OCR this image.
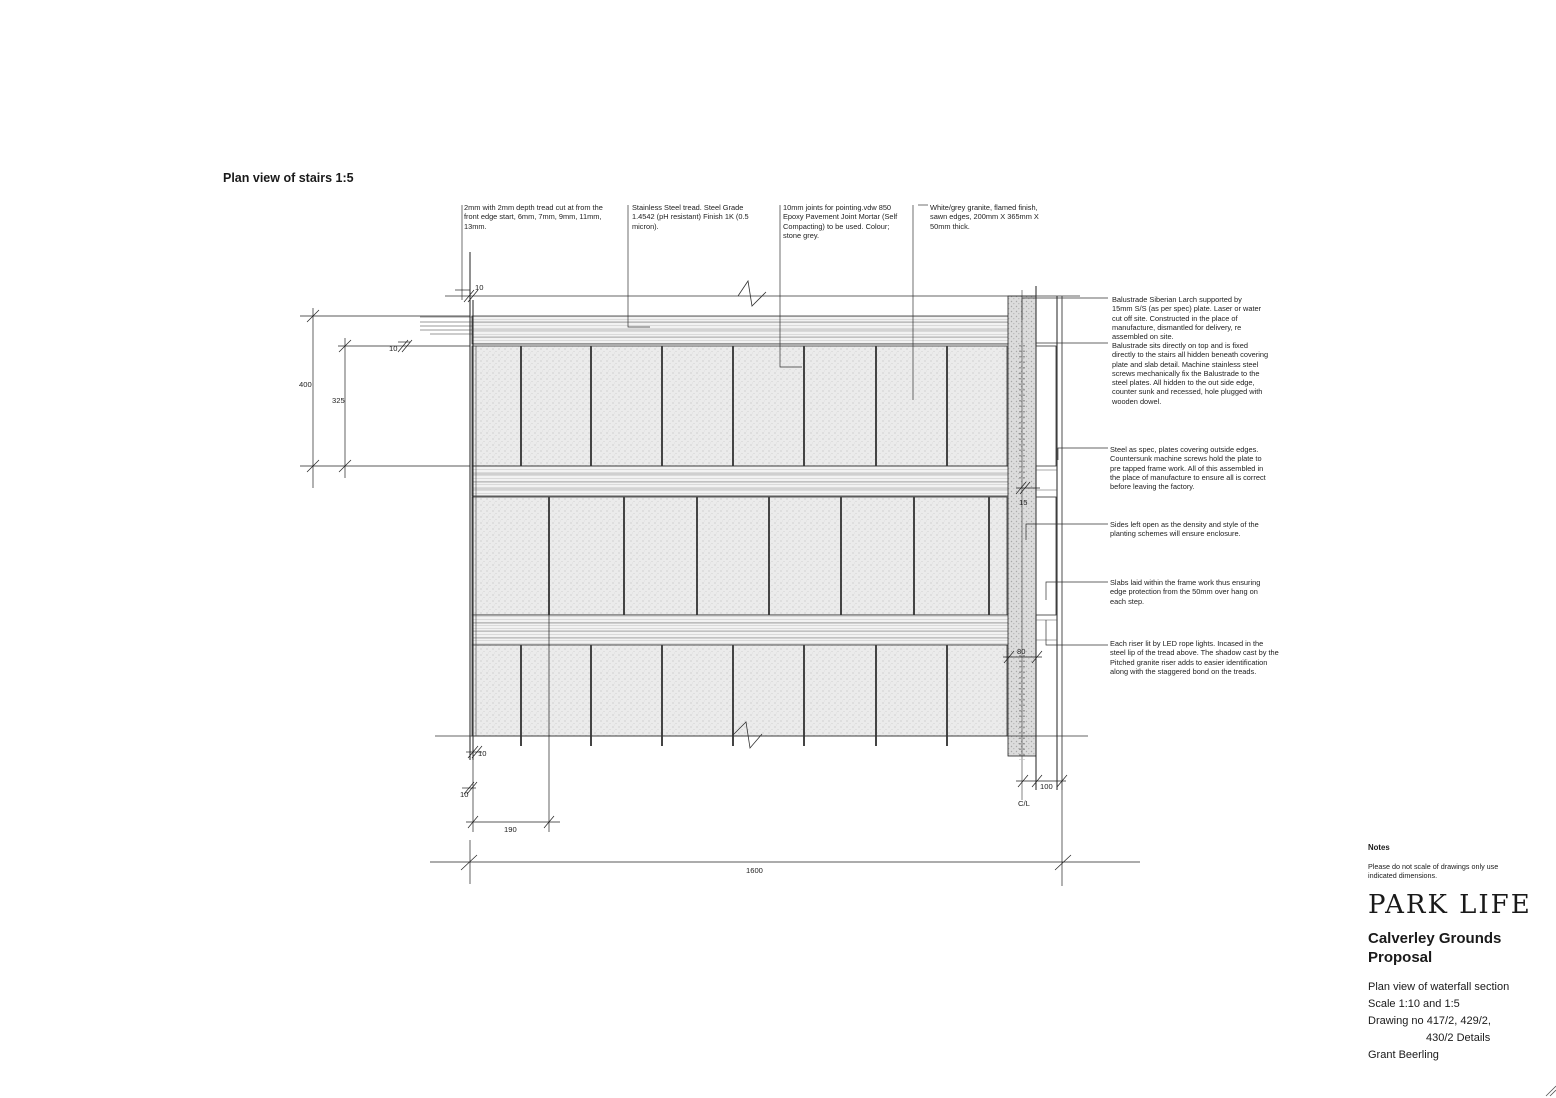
Plan view of stairs 1:5
2mm with 2mm depth tread cut at from the front edge start, 6mm, 7mm, 9mm, 11mm, 13mm.
Stainless Steel tread. Steel Grade 1.4542 (pH resistant) Finish 1K (0.5 micron).
10mm joints for pointing.vdw 850 Epoxy Pavement Joint Mortar (Self Compacting) to be used. Colour; stone grey.
White/grey granite, flamed finish, sawn edges, 200mm X 365mm X 50mm thick.
Balustrade Siberian Larch supported by 15mm S/S (as per spec) plate. Laser or water cut off site. Constructed in the place of manufacture, dismantled for delivery, re assembled on site.
Balustrade sits directly on top and is fixed directly to the stairs all hidden beneath covering plate and slab detail. Machine stainless steel screws mechanically fix the Balustrade to the steel plates. All hidden to the out side edge, counter sunk and recessed, hole plugged with wooden dowel.
Steel as spec, plates covering outside edges. Countersunk machine screws hold the plate to pre tapped frame work. All of this assembled in the place of manufacture to ensure all is correct before leaving the factory.
Sides left open as the density and style of the planting schemes will ensure enclosure.
Slabs laid within the frame work thus ensuring edge protection from the 50mm over hang on each step.
Each riser lit by LED rope lights. Incased in the steel lip of the tread above. The shadow cast by the Pitched granite riser adds to easier identification along with the staggered bond on the treads.
10
10
400
325
15
80
10
10
100
C/L
190
1600
Notes
Please do not scale of drawings only use indicated dimensions.
PARK LIFE
Calverley Grounds Proposal
Plan view of waterfall section
Scale 1:10 and 1:5
Drawing no 417/2, 429/2,
430/2 Details
Grant Beerling
